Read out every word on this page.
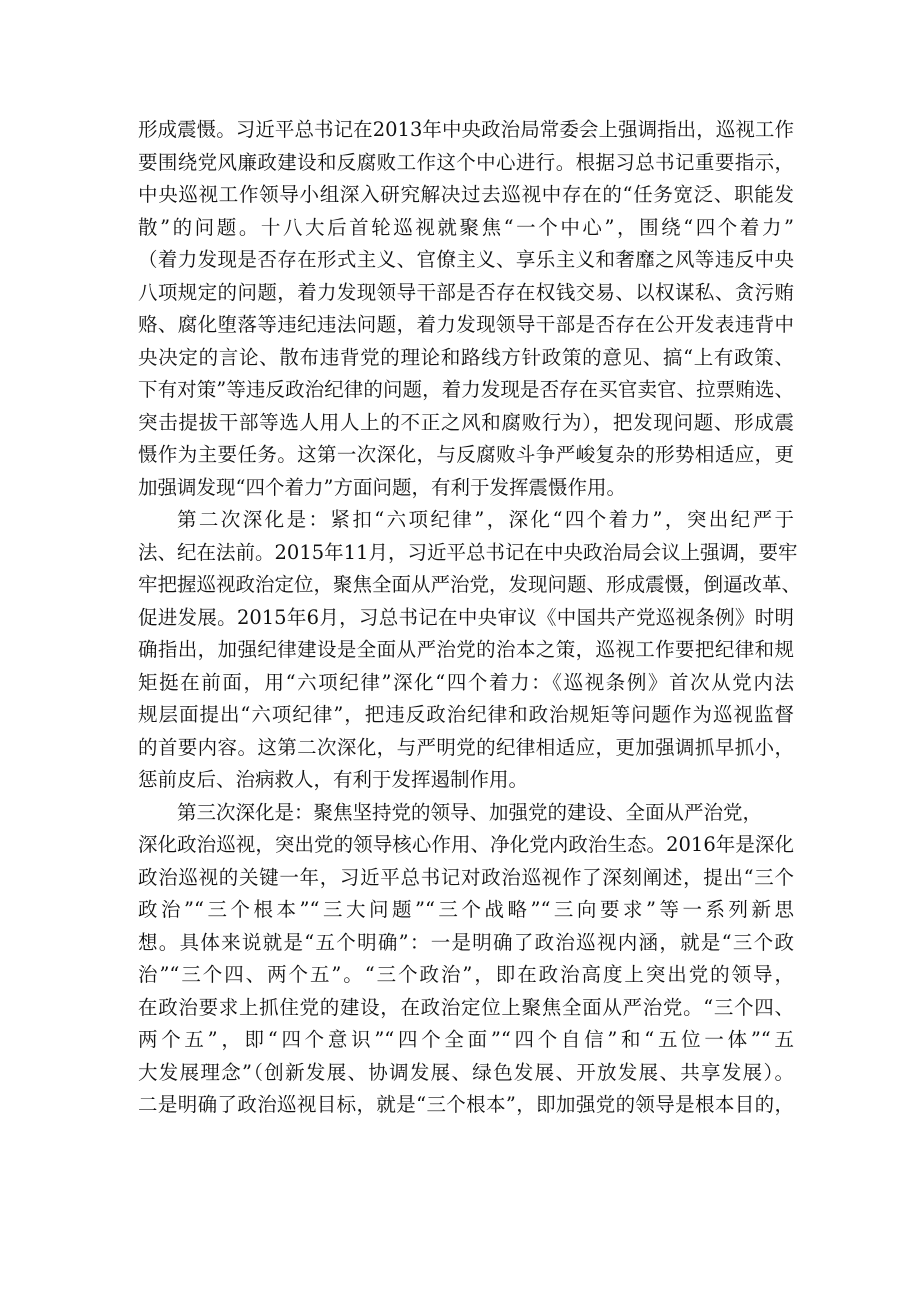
形成震慑。习近平总书记在2013年中央政治局常委会上强调指出，巡视工作
要围绕党风廉政建设和反腐败工作这个中心进行。根据习总书记重要指示，
中央巡视工作领导小组深入研究解决过去巡视中存在的“任务宽泛、职能发
散”的问题。十八大后首轮巡视就聚焦“一个中心”，围绕“四个着力”
（着力发现是否存在形式主义、官僚主义、享乐主义和奢靡之风等违反中央
八项规定的问题，着力发现领导干部是否存在权钱交易、以权谋私、贪污贿
赂、腐化堕落等违纪违法问题，着力发现领导干部是否存在公开发表违背中
央决定的言论、散布违背党的理论和路线方针政策的意见、搞“上有政策、
下有对策”等违反政治纪律的问题，着力发现是否存在买官卖官、拉票贿选、
突击提拔干部等选人用人上的不正之风和腐败行为），把发现问题、形成震
慑作为主要任务。这第一次深化，与反腐败斗争严峻复杂的形势相适应，更
加强调发现“四个着力”方面问题，有利于发挥震慑作用。
第二次深化是：紧扣“六项纪律”，深化“四个着力”，突出纪严于
法、纪在法前。2015年11月，习近平总书记在中央政治局会议上强调，要牢
牢把握巡视政治定位，聚焦全面从严治党，发现问题、形成震慑，倒逼改革、
促进发展。2015年6月，习总书记在中央审议《中国共产党巡视条例》时明
确指出，加强纪律建设是全面从严治党的治本之策，巡视工作要把纪律和规
矩挺在前面，用“六项纪律”深化“四个着力：《巡视条例》首次从党内法
规层面提出“六项纪律”，把违反政治纪律和政治规矩等问题作为巡视监督
的首要内容。这第二次深化，与严明党的纪律相适应，更加强调抓早抓小，
惩前皮后、治病救人，有利于发挥遏制作用。
第三次深化是：聚焦坚持党的领导、加强党的建设、全面从严治党，
深化政治巡视，突出党的领导核心作用、净化党内政治生态。2016年是深化
政治巡视的关键一年，习近平总书记对政治巡视作了深刻阐述，提出“三个
政治”“三个根本”“三大问题”“三个战略”“三向要求”等一系列新思
想。具体来说就是“五个明确”：一是明确了政治巡视内涵，就是“三个政
治”“三个四、两个五”。“三个政治”，即在政治高度上突出党的领导，
在政治要求上抓住党的建设，在政治定位上聚焦全面从严治党。“三个四、
两个五”，即“四个意识”“四个全面”“四个自信”和“五位一体”“五
大发展理念”（创新发展、协调发展、绿色发展、开放发展、共享发展）。
二是明确了政治巡视目标，就是“三个根本”，即加强党的领导是根本目的，
